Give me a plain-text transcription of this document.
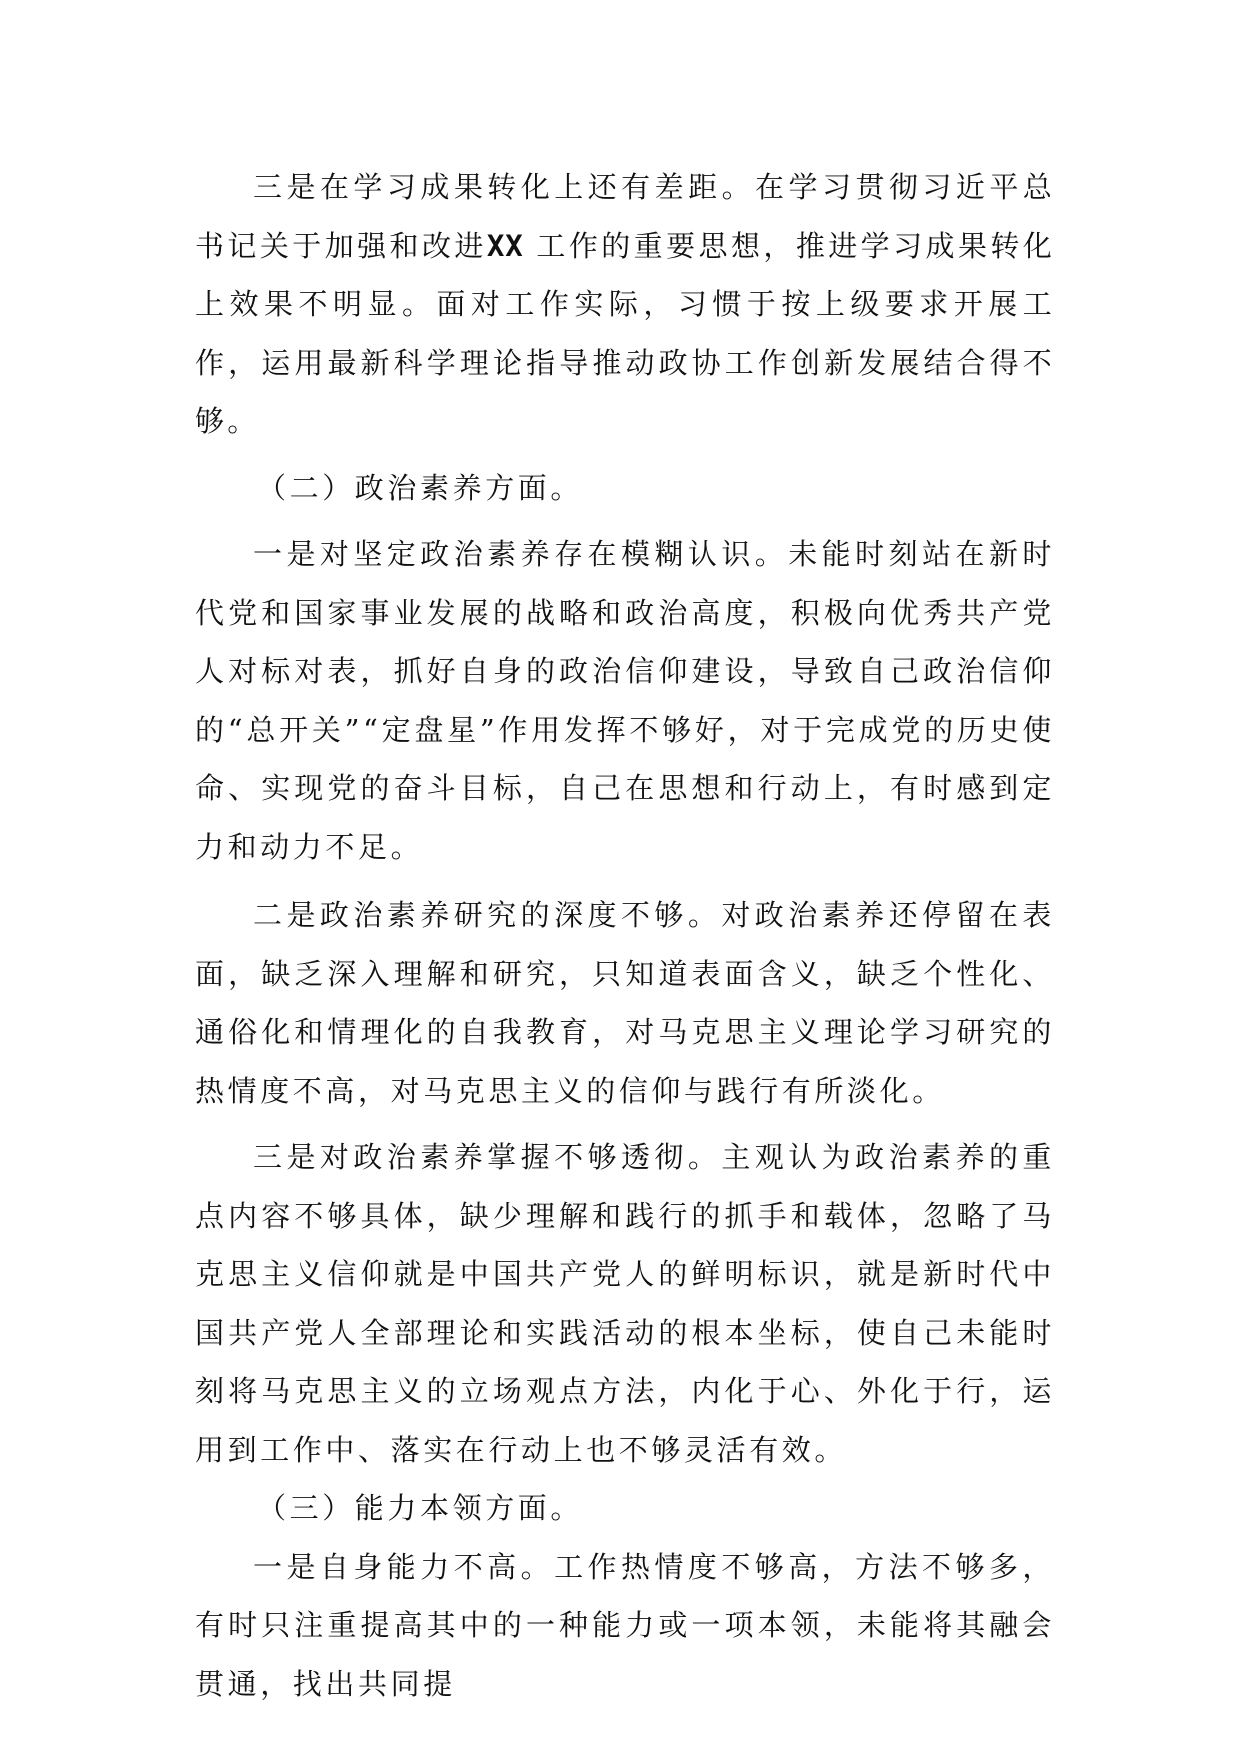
三是在学习成果转化上还有差距。在学习贯彻习近平总书记关于加强和改进XX 工作的重要思想，推进学习成果转化上效果不明显。面对工作实际，习惯于按上级要求开展工作，运用最新科学理论指导推动政协工作创新发展结合得不够。

（二）政治素养方面。

一是对坚定政治素养存在模糊认识。未能时刻站在新时代党和国家事业发展的战略和政治高度，积极向优秀共产党人对标对表，抓好自身的政治信仰建设，导致自己政治信仰的“总开关”“定盘星”作用发挥不够好，对于完成党的历史使命、实现党的奋斗目标，自己在思想和行动上，有时感到定力和动力不足。

二是政治素养研究的深度不够。对政治素养还停留在表面，缺乏深入理解和研究，只知道表面含义，缺乏个性化、通俗化和情理化的自我教育，对马克思主义理论学习研究的热情度不高，对马克思主义的信仰与践行有所淡化。

三是对政治素养掌握不够透彻。主观认为政治素养的重点内容不够具体，缺少理解和践行的抓手和载体，忽略了马克思主义信仰就是中国共产党人的鲜明标识，就是新时代中国共产党人全部理论和实践活动的根本坐标，使自己未能时刻将马克思主义的立场观点方法，内化于心、外化于行，运用到工作中、落实在行动上也不够灵活有效。

（三）能力本领方面。

一是自身能力不高。工作热情度不够高，方法不够多，有时只注重提高其中的一种能力或一项本领，未能将其融会贯通，找出共同提
